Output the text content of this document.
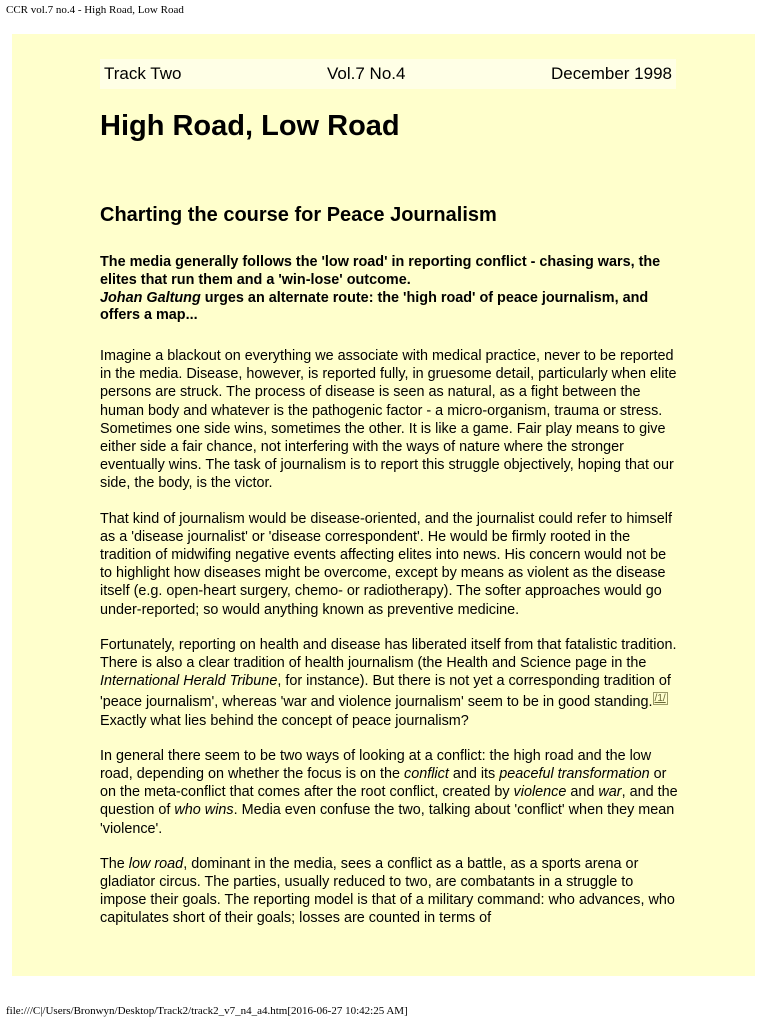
CCR vol.7 no.4 - High Road, Low Road
Track Two	Vol.7 No.4	December 1998
High Road, Low Road
Charting the course for Peace Journalism

The media generally follows the 'low road' in reporting conflict - chasing wars, the elites that run them and a 'win-lose' outcome.
Johan Galtung urges an alternate route: the 'high road' of peace journalism, and offers a map...

Imagine a blackout on everything we associate with medical practice, never to be reported in the media. Disease, however, is reported fully, in gruesome detail, particularly when elite persons are struck. The process of disease is seen as natural, as a fight between the human body and whatever is the pathogenic factor - a micro-organism, trauma or stress. Sometimes one side wins, sometimes the other. It is like a game. Fair play means to give either side a fair chance, not interfering with the ways of nature where the stronger eventually wins. The task of journalism is to report this struggle objectively, hoping that our side, the body, is the victor.

That kind of journalism would be disease-oriented, and the journalist could refer to himself as a 'disease journalist' or 'disease correspondent'. He would be firmly rooted in the tradition of midwifing negative events affecting elites into news. His concern would not be to highlight how diseases might be overcome, except by means as violent as the disease itself (e.g. open-heart surgery, chemo- or radiotherapy). The softer approaches would go under-reported; so would anything known as preventive medicine.

Fortunately, reporting on health and disease has liberated itself from that fatalistic tradition. There is also a clear tradition of health journalism (the Health and Science page in the International Herald Tribune, for instance). But there is not yet a corresponding tradition of 'peace journalism', whereas 'war and violence journalism' seem to be in good standing. $^{/1/}$ Exactly what lies behind the concept of peace journalism?

In general there seem to be two ways of looking at a conflict: the high road and the low road, depending on whether the focus is on the conflict and its peaceful transformation or on the meta-conflict that comes after the root conflict, created by violence and war, and the question of who wins. Media even confuse the two, talking about 'conflict' when they mean 'violence'.

The low road, dominant in the media, sees a conflict as a battle, as a sports arena or gladiator circus. The parties, usually reduced to two, are combatants in a struggle to impose their goals. The reporting model is that of a military command: who advances, who capitulates short of their goals; losses are counted in terms of

file:///C|/Users/Bronwyn/Desktop/Track2/track2_v7_n4_a4.htm[2016-06-27 10:42:25 AM]
